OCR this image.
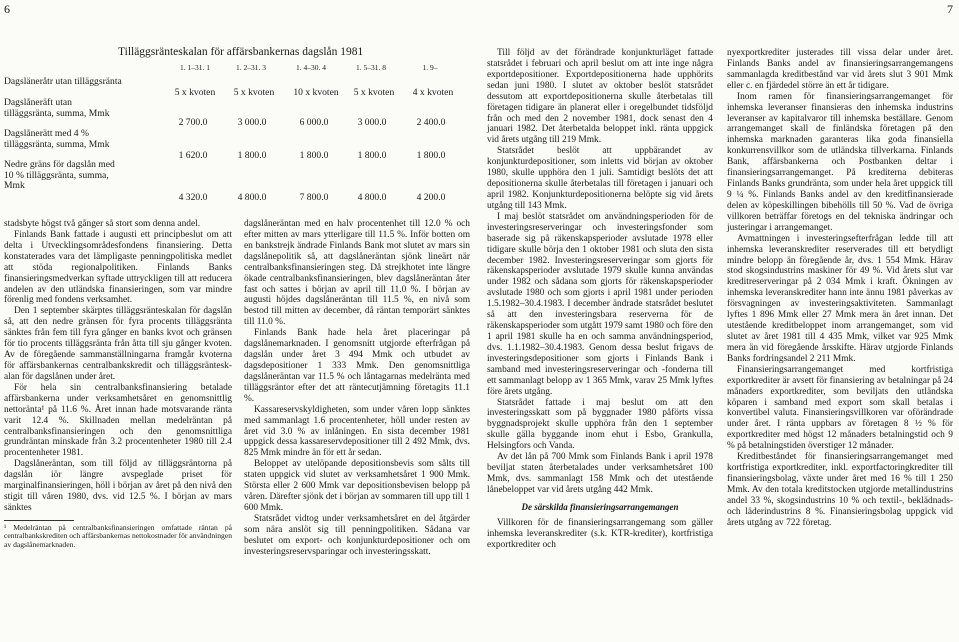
6	7
Tilläggsränteskalan för affärsbankernas dagslån 1981
1. 1–31. 1	1. 2–31. 3	1. 4–30. 4	1. 5–31. 8	1. 9–
Dagsläneråtr utan tilläggsränta
5 x kvoten	5 x kvoten	10 x kvoten	5 x kvoten	4 x kvoten
Dagslåneräft utan tilläggsränta, summa, Mmk
2 700.0	3 000.0	6 000.0	3 000.0	2 400.0
Dagslånerätt med 4 % tilläggsränta, summa, Mmk
1 620.0	1 800.0	1 800.0	1 800.0	1 800.0
Nedre gräns för dagslån med 10 % tilläggsränta, summa, Mmk
4 320.0	4 800.0	7 800.0	4 800.0	4 200.0

stadsbyte högst två gånger så stort som denna andel.

Finlands Bank fattade i augusti ett principbeslut om att delta i Utvecklingsområdesfondens finansiering. Detta konstaterades vara det lämpligaste penningpolitiska medlet att stöda regionalpolitiken. Finlands Banks finansieringsmedverkan syftade uttryckligen till att reducera andelen av den utländska finansieringen, som var mindre förenlig med fondens verksamhet.

Den 1 september skärptes tilläggsränteskalan för dagslån så, att den nedre gränsen för fyra procents tilläggsränta sänktes från fem till fyra gånger en banks kvot och gränsen för tio procents tilläggsränta från åtta till sju gånger kvoten. Av de föregående sammanställningarna framgår kvoterna för affärsbankernas centralbankskredit och tilläggsränteskalan för dagslånen under året.

För hela sin centralbanksfinansiering betalade affärsbankerna under verksamhetsåret en genomsnittlig nettoränta¹ på 11.6 %. Året innan hade motsvarande ränta varit 12.4 %. Skillnaden mellan medelräntan på centralbanksfinansieringen och den genomsnittliga grundräntan minskade från 3.2 procentenheter 1980 till 2.4 procentenheter 1981.

Dagslåneräntan, som till följd av tilläggsräntorna på dagslån iör längre avspeglade priset för marginalfinansieringen, höll i början av året på den nivå den stigit till våren 1980, dvs. vid 12.5 %. I början av mars sänktes

¹ Medelräntan på centralbanksfinansieringen omfattade räntan på centralbankskrediten och affärsbankernas nettokostnader för användningen av dagslånemarknaden.

dagslåneräntan med en halv procentenhet till 12.0 % och efter mitten av mars ytterligare till 11.5 %. Inför botten om en bankstrejk ändrade Finlands Bank mot slutet av mars sin dagslånepolitik så, att dagslåneräntan sjönk lineärt när centralbanksfinansieringen steg. Då strejkhotet inte längre ökade centralbanksfinansieringen, blev dagslåneräntan åter fast och sattes i början av april till 11.0 %. I början av augusti höjdes dagslåneräntan till 11.5 %, en nivå som bestod till mitten av december, då räntan temporärt sänktes till 11.0 %.

Finlands Bank hade hela året placeringar på dagslånemarknaden. I genomsnitt utgjorde efterfrågan på dagslån under året 3 494 Mmk och utbudet av dagsdepositioner 1 333 Mmk. Den genomsnittliga dagslåneräntan var 11.5 % och låntagarnas medelränta med tilläggsräntor efter det att räntecutjämning företagits 11.1 %.

Kassareservskyldigheten, som under våren lopp sänktes med sammanlagt 1.6 procentenheter, höll under resten av året vid 3.0 % av inlåningen. En sista december 1981 uppgick dessa kassareservdepositioner till 2 492 Mmk, dvs. 825 Mmk mindre än för ett år sedan.

Beloppet av utelöpande depositionsbevis som sålts till staten uppgick vid slutet av verksamhetsåret 1 900 Mmk. Största eller 2 600 Mmk var depositionsbevisen belopp på våren. Därefter sjönk det i början av sommaren till upp till 1 600 Mmk.

Statsrådet vidtog under verksamhetsåret en del åtgärder som nära anslöt sig till penningpolitiken. Sådana var beslutet om export- och konjunkturdepositioner och om investeringsreservsparingar och investeringsskatt.

Till följd av det förändrade konjunkturläget fattade statsrådet i februari och april beslut om att inte inge några exportdepositioner. Exportdepositionerna hade upphörits sedan juni 1980. I slutet av oktober beslöt statsrådet dessutom att exportdepositionerna skulle återbetalas till företagen tidigare än planerat eller i oregelbundet tidsföljd från och med den 2 november 1981, dock senast den 4 januari 1982. Det återbetalda beloppet inkl. ränta uppgick vid årets utgång till 219 Mmk.

Statsrådet beslöt att uppbärandet av konjunkturdepositioner, som inletts vid början av oktober 1980, skulle upphöra den 1 juli. Samtidigt beslöts det att depositionerna skulle återbetalas till företagen i januari och april 1982. Konjunkturdepositionerna belöpte sig vid årets utgång till 143 Mmk.

I maj beslöt statsrådet om användningsperioden för de investeringsreserveringar och investeringsfonder som baserade sig på räkenskapsperioder avslutade 1978 eller tidigare skulle börja den 1 oktober 1981 och sluta den sista december 1982. Investeringsreserveringar som gjorts för räkenskapsperioder avslutade 1979 skulle kunna användas under 1982 och sådana som gjorts för räkenskapsperioder avslutade 1980 och som gjorts i april 1981 under perioden 1.5.1982–30.4.1983. I december ändrade statsrådet beslutet så att den investeringsbara reserverna för de räkenskapsperioder som utgått 1979 samt 1980 och före den 1 april 1981 skulle ha en och samma användningsperiod, dvs. 1.1.1982–30.4.1983. Genom dessa beslut frigavs de investeringsdepositioner som gjorts i Finlands Bank i samband med investeringsreserveringar och -fonderna till ett sammanlagt belopp av 1 365 Mmk, varav 25 Mmk lyftes före årets utgång.

Statsrådet fattade i maj beslut om att den investeringsskatt som på byggnader 1980 påförts vissa byggnadsprojekt skulle upphöra från den 1 september skulle gälla byggande inom ehut i Esbo, Grankulla, Helsingfors och Vanda.

Av det lån på 700 Mmk som Finlands Bank i april 1978 beviljat staten återbetalades under verksamhetsåret 100 Mmk, dvs. sammanlagt 158 Mmk och det utestående lånebeloppet var vid årets utgång 442 Mmk.

De särskilda finansieringsarrangemangen

Villkoren för de finansieringsarrangemang som gäller inhemska leveranskrediter (s.k. KTR-krediter), kortfristiga exportkrediter och

nyexportkrediter justerades till vissa delar under året. Finlands Banks andel av finansieringsarrangemangens sammanlagda kreditbestånd var vid årets slut 3 901 Mmk eller c. en fjärdedel större än ett år tidigare.

Inom ramen för finansieringsarrangemanget för inhemska leveranser finansieras den inhemska industrins leveranser av kapitalvaror till inhemska beställare. Genom arrangemanget skall de finländska företagen på den inhemska marknaden garanteras lika goda finansiella konkurrensvillkor som de utländska tillverkarna. Finlands Bank, affärsbankerna och Postbanken deltar i finansieringsarrangemanget. På krediterna debiteras Finlands Banks grundränta, som under hela året uppgick till 9 ¼ %. Finlands Banks andel av den kreditfinansierade delen av köpeskillingen bibehölls till 50 %. Vad de övriga villkoren beträffar företogs en del tekniska ändringar och justeringar i arrangemanget.

Avmattningen i investeringsefterfrågan ledde till att inhemska leveranskrediter reserverades till ett betydligt mindre belopp än föregående år, dvs. 1 554 Mmk. Härav stod skogsindustrins maskiner för 49 %. Vid årets slut var kreditreserveringar på 2 034 Mmk i kraft. Ökningen av inhemska leveranskrediter hann inte ännu 1981 påverkas av försvagningen av investeringsaktiviteten. Sammanlagt lyftes 1 896 Mmk eller 27 Mmk mera än året innan. Det utestående kreditbeloppet inom arrangemanget, som vid slutet av året 1981 till 4 435 Mmk, vilket var 925 Mmk mera än vid föregående årsskifte. Härav utgjorde Finlands Banks fordringsandel 2 211 Mmk.

Finansieringsarrangemanget med kortfristiga exportkrediter är avsett för finansiering av betalningar på 24 månaders exportkrediter, som beviljats den utländska köparen i samband med export som skall betalas i konvertibel valuta. Finansieringsvillkoren var oförändrade under året. I ränta uppbars av företagen 8 ½ % för exportkrediter med högst 12 månaders betalningstid och 9 % på betalningstiden överstiger 12 månader.

Kreditbeståndet för finansieringsarrangemanget med kortfristiga exportkrediter, inkl. exportfactoringkrediter till finansieringsbolag, växte under året med 16 % till 1 250 Mmk. Av den totala kreditstocken utgjorde metallindustrins andel 33 %, skogsindustrins 10 % och textil-, beklädnads- och läderindustrins 8 %. Finansieringsbolag uppgick vid årets utgång av 722 företag.
